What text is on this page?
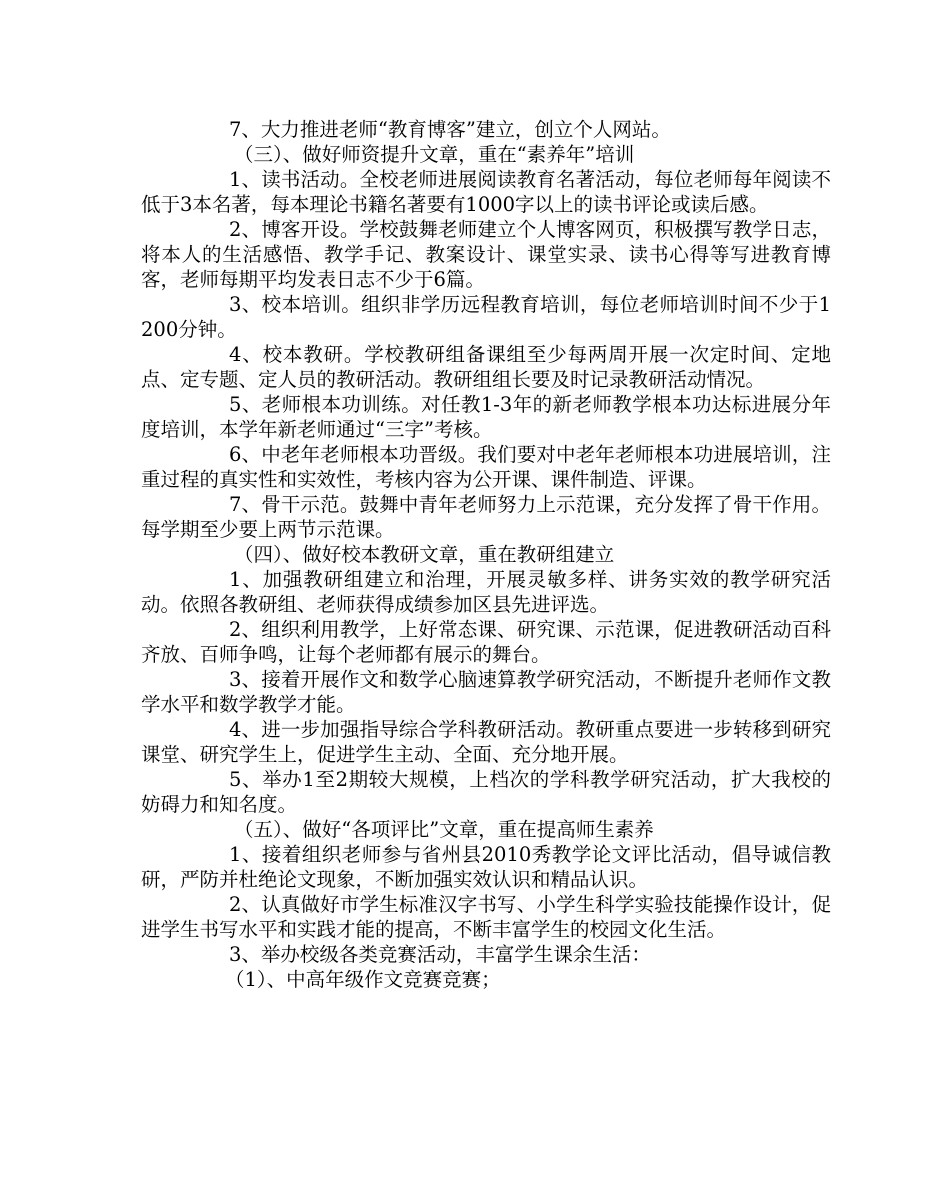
7、大力推进老师“教育博客”建立，创立个人网站。

（三）、做好师资提升文章，重在“素养年”培训

1、读书活动。全校老师进展阅读教育名著活动，每位老师每年阅读不低于3本名著，每本理论书籍名著要有1000字以上的读书评论或读后感。

2、博客开设。学校鼓舞老师建立个人博客网页，积极撰写教学日志，将本人的生活感悟、教学手记、教案设计、课堂实录、读书心得等写进教育博客，老师每期平均发表日志不少于6篇。

3、校本培训。组织非学历远程教育培训，每位老师培训时间不少于1200分钟。

4、校本教研。学校教研组备课组至少每两周开展一次定时间、定地点、定专题、定人员的教研活动。教研组组长要及时记录教研活动情况。

5、老师根本功训练。对任教1-3年的新老师教学根本功达标进展分年度培训，本学年新老师通过“三字”考核。

6、中老年老师根本功晋级。我们要对中老年老师根本功进展培训，注重过程的真实性和实效性，考核内容为公开课、课件制造、评课。

7、骨干示范。鼓舞中青年老师努力上示范课，充分发挥了骨干作用。每学期至少要上两节示范课。

（四）、做好校本教研文章，重在教研组建立

1、加强教研组建立和治理，开展灵敏多样、讲务实效的教学研究活动。依照各教研组、老师获得成绩参加区县先进评选。

2、组织利用教学，上好常态课、研究课、示范课，促进教研活动百科齐放、百师争鸣，让每个老师都有展示的舞台。

3、接着开展作文和数学心脑速算教学研究活动，不断提升老师作文教学水平和数学教学才能。

4、进一步加强指导综合学科教研活动。教研重点要进一步转移到研究课堂、研究学生上，促进学生主动、全面、充分地开展。

5、举办1至2期较大规模，上档次的学科教学研究活动，扩大我校的妨碍力和知名度。

（五）、做好“各项评比”文章，重在提高师生素养

1、接着组织老师参与省州县2010秀教学论文评比活动，倡导诚信教研，严防并杜绝论文现象，不断加强实效认识和精品认识。

2、认真做好市学生标准汉字书写、小学生科学实验技能操作设计，促进学生书写水平和实践才能的提高，不断丰富学生的校园文化生活。

3、举办校级各类竞赛活动，丰富学生课余生活：

（1）、中高年级作文竞赛竞赛；
